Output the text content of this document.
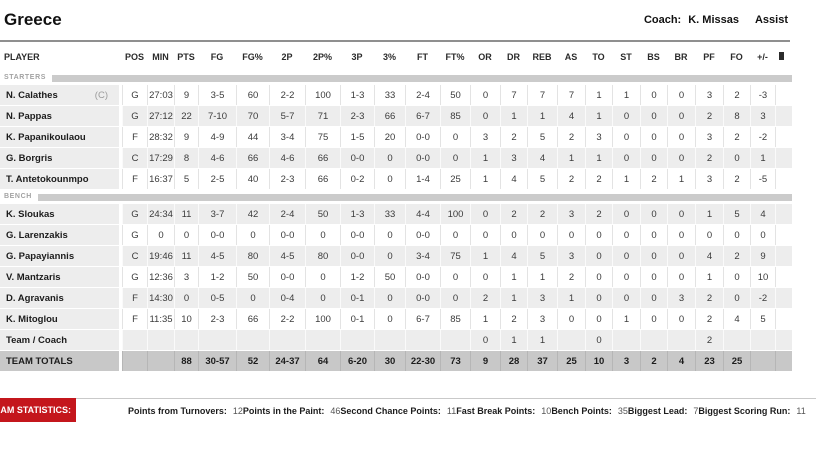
Greece	Coach: K. Missas Assist
PLAYER	POS	MIN	PTS	FG	FG%	2P	2P%	3P	3%	FT	FT%	OR	DR	REB	AS	TO	ST	BS	BR	PF	FO	+/-	

STARTERS																							

N. Calathes (C)	G	27:03	9	3-5	60	2-2	100	1-3	33	2-4	50	0	7	7	7	1	1	0	0	3	2	-3	
N. Pappas	G	27:12	22	7-10	70	5-7	71	2-3	66	6-7	85	0	1	1	4	1	0	0	0	2	8	3	
K. Papanikoulaou	F	28:32	9	4-9	44	3-4	75	1-5	20	0-0	0	3	2	5	2	3	0	0	0	3	2	-2	
G. Borgris	C	17:29	8	4-6	66	4-6	66	0-0	0	0-0	0	1	3	4	1	1	0	0	0	2	0	1	
T. Antetokounmpo	F	16:37	5	2-5	40	2-3	66	0-2	0	1-4	25	1	4	5	2	2	1	2	1	3	2	-5	

BENCH																							

K. Sloukas	G	24:34	11	3-7	42	2-4	50	1-3	33	4-4	100	0	2	2	3	2	0	0	0	1	5	4	
G. Larenzakis	G	0	0	0-0	0	0-0	0	0-0	0	0-0	0	0	0	0	0	0	0	0	0	0	0	0	
G. Papayiannis	C	19:46	11	4-5	80	4-5	80	0-0	0	3-4	75	1	4	5	3	0	0	0	0	4	2	9	
V. Mantzaris	G	12:36	3	1-2	50	0-0	0	1-2	50	0-0	0	0	1	1	2	0	0	0	0	1	0	10	
D. Agravanis	F	14:30	0	0-5	0	0-4	0	0-1	0	0-0	0	2	1	3	1	0	0	0	3	2	0	-2	
K. Mitoglou	F	11:35	10	2-3	66	2-2	100	0-1	0	6-7	85	1	2	3	0	0	1	0	0	2	4	5	
Team / Coach												0	1	1		0				2			
TEAM TOTALS			88	30-57	52	24-37	64	6-20	30	22-30	73	9	28	37	25	10	3	2	4	23	25		
AM STATISTICS:	Points from Turnovers: 12 Points in the Paint: 46 Second Chance Points: 11 Fast Break Points: 10 Bench Points: 35 Biggest Lead: 7 Biggest Scoring Run: 11
